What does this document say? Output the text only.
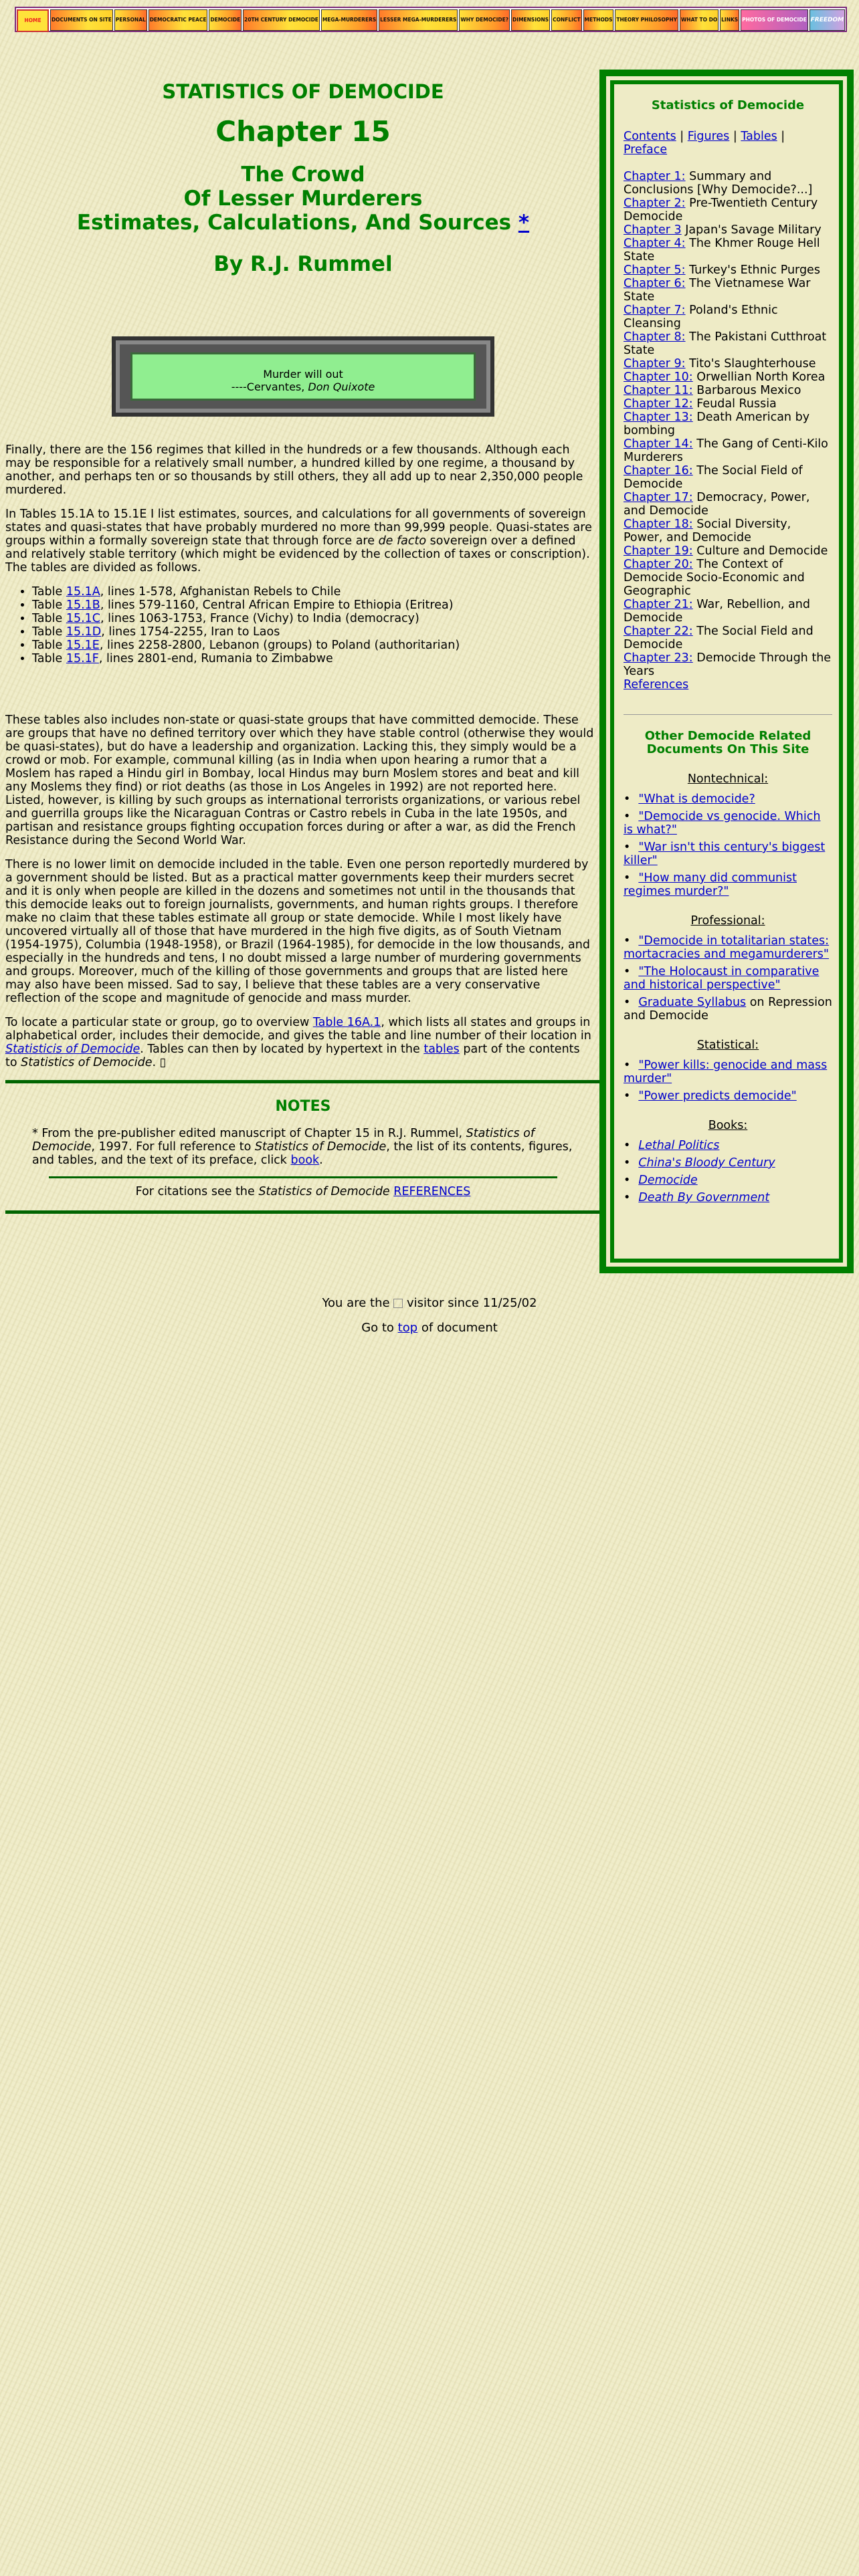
HOME	DOCUMENTS ON SITE PERSONAL DEMOCRATIC PEACE DEMOCIDE 20TH CENTURY DEMOCIDE MEGA-MURDERERS LESSER MEGA-MURDERERS WHY DEMOCIDE? DIMENSIONS CONFLICT METHODS THEORY PHILOSOPHY WHAT TO DO LINKS PHOTOS OF DEMOCIDE FREEDOM
STATISTICS OF DEMOCIDE
Chapter 15
The Crowd
Of Lesser Murderers
Estimates, Calculations, And Sources *
By R.J. Rummel
Murder will out
----Cervantes, Don Quixote

Finally, there are the 156 regimes that killed in the hundreds or a few thousands. Although each may be responsible for a relatively small number, a hundred killed by one regime, a thousand by another, and perhaps ten or so thousands by still others, they all add up to near 2,350,000 people murdered.

In Tables 15.1A to 15.1E I list estimates, sources, and calculations for all governments of sovereign states and quasi-states that have probably murdered no more than 99,999 people. Quasi-states are groups within a formally sovereign state that through force are de facto sovereign over a defined and relatively stable territory (which might be evidenced by the collection of taxes or conscription). The tables are divided as follows.

• Table 15.1A, lines 1-578, Afghanistan Rebels to Chile
• Table 15.1B, lines 579-1160, Central African Empire to Ethiopia (Eritrea)
• Table 15.1C, lines 1063-1753, France (Vichy) to India (democracy)
• Table 15.1D, lines 1754-2255, Iran to Laos
• Table 15.1E, lines 2258-2800, Lebanon (groups) to Poland (authoritarian)
• Table 15.1F, lines 2801-end, Rumania to Zimbabwe

These tables also includes non-state or quasi-state groups that have committed democide. These are groups that have no defined territory over which they have stable control (otherwise they would be quasi-states), but do have a leadership and organization. Lacking this, they simply would be a crowd or mob. For example, communal killing (as in India when upon hearing a rumor that a Moslem has raped a Hindu girl in Bombay, local Hindus may burn Moslem stores and beat and kill any Moslems they find) or riot deaths (as those in Los Angeles in 1992) are not reported here. Listed, however, is killing by such groups as international terrorists organizations, or various rebel and guerrilla groups like the Nicaraguan Contras or Castro rebels in Cuba in the late 1950s, and partisan and resistance groups fighting occupation forces during or after a war, as did the French Resistance during the Second World War.

There is no lower limit on democide included in the table. Even one person reportedly murdered by a government should be listed. But as a practical matter governments keep their murders secret and it is only when people are killed in the dozens and sometimes not until in the thousands that this democide leaks out to foreign journalists, governments, and human rights groups. I therefore make no claim that these tables estimate all group or state democide. While I most likely have uncovered virtually all of those that have murdered in the high five digits, as of South Vietnam (1954-1975), Columbia (1948-1958), or Brazil (1964-1985), for democide in the low thousands, and especially in the hundreds and tens, I no doubt missed a large number of murdering governments and groups. Moreover, much of the killing of those governments and groups that are listed here may also have been missed. Sad to say, I believe that these tables are a very conservative reflection of the scope and magnitude of genocide and mass murder.

To locate a particular state or group, go to overview Table 16A.1, which lists all states and groups in alphabetical order, includes their democide, and gives the table and line number of their location in Statisticis of Democide. Tables can then by located by hypertext in the tables part of the contents to Statistics of Democide. ▯

NOTES

* From the pre-publisher edited manuscript of Chapter 15 in R.J. Rummel, Statistics of Democide, 1997. For full reference to Statistics of Democide, the list of its contents, figures, and tables, and the text of its preface, click book.

For citations see the Statistics of Democide REFERENCES
Statistics of Democide
Contents | Figures | Tables |
Preface
Chapter 1: Summary and Conclusions [Why Democide?...]
Chapter 2: Pre-Twentieth Century Democide
Chapter 3 Japan's Savage Military
Chapter 4: The Khmer Rouge Hell State
Chapter 5: Turkey's Ethnic Purges
Chapter 6: The Vietnamese War State
Chapter 7: Poland's Ethnic Cleansing
Chapter 8: The Pakistani Cutthroat State
Chapter 9: Tito's Slaughterhouse
Chapter 10: Orwellian North Korea
Chapter 11: Barbarous Mexico
Chapter 12: Feudal Russia
Chapter 13: Death American by bombing
Chapter 14: The Gang of Centi-Kilo Murderers
Chapter 16: The Social Field of Democide
Chapter 17: Democracy, Power, and Democide
Chapter 18: Social Diversity, Power, and Democide
Chapter 19: Culture and Democide
Chapter 20: The Context of Democide Socio-Economic and Geographic
Chapter 21: War, Rebellion, and Democide
Chapter 22: The Social Field and Democide
Chapter 23: Democide Through the Years
References
Other Democide Related Documents On This Site
Nontechnical:
• "What is democide?
• "Democide vs genocide. Which is what?"
• "War isn't this century's biggest killer"
• "How many did communist regimes murder?"
Professional:
• "Democide in totalitarian states: mortacracies and megamurderers"
• "The Holocaust in comparative and historical perspective"
• Graduate Syllabus on Repression and Democide
Statistical:
• "Power kills: genocide and mass murder"
• "Power predicts democide"
Books:
• Lethal Politics
• China's Bloody Century
• Democide
• Death By Government
You are the  visitor since 11/25/02
Go to top of document
